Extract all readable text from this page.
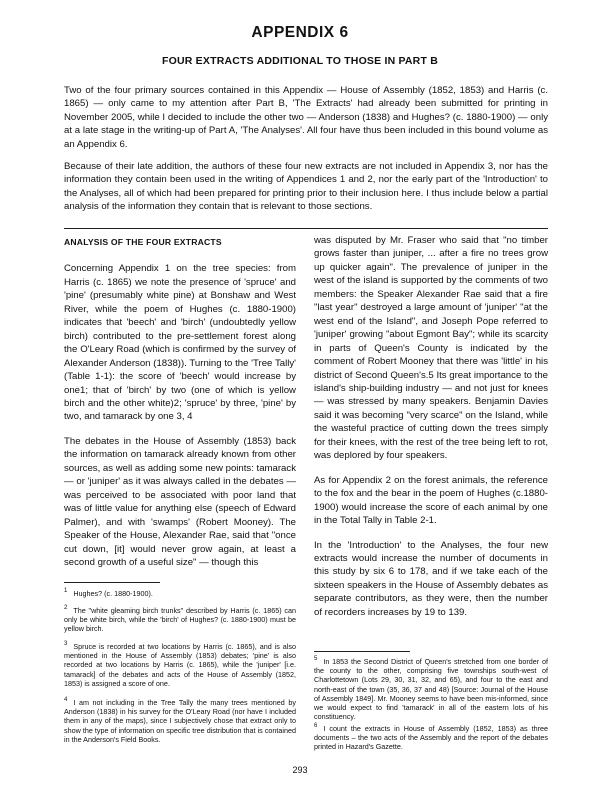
APPENDIX 6
FOUR EXTRACTS ADDITIONAL TO THOSE IN PART B
Two of the four primary sources contained in this Appendix — House of Assembly (1852, 1853) and Harris (c. 1865) — only came to my attention after Part B, 'The Extracts' had already been submitted for printing in November 2005, while I decided to include the other two — Anderson (1838) and Hughes? (c. 1880-1900) — only at a late stage in the writing-up of Part A, 'The Analyses'. All four have thus been included in this bound volume as an Appendix 6.
Because of their late addition, the authors of these four new extracts are not included in Appendix 3, nor has the information they contain been used in the writing of Appendices 1 and 2, nor the early part of the 'Introduction' to the Analyses, all of which had been prepared for printing prior to their inclusion here. I thus include below a partial analysis of the information they contain that is relevant to those sections.

ANALYSIS OF THE FOUR EXTRACTS

Concerning Appendix 1 on the tree species: from Harris (c. 1865) we note the presence of 'spruce' and 'pine' (presumably white pine) at Bonshaw and West River, while the poem of Hughes (c. 1880-1900) indicates that 'beech' and 'birch' (undoubtedly yellow birch) contributed to the pre-settlement forest along the O'Leary Road (which is confirmed by the survey of Alexander Anderson (1838)). Turning to the 'Tree Tally' (Table 1-1): the score of 'beech' would increase by one1; that of 'birch' by two (one of which is yellow birch and the other white)2; 'spruce' by three, 'pine' by two, and tamarack by one 3, 4

The debates in the House of Assembly (1853) back the information on tamarack already known from other sources, as well as adding some new points: tamarack — or 'juniper' as it was always called in the debates — was perceived to be associated with poor land that was of little value for anything else (speech of Edward Palmer), and with 'swamps' (Robert Mooney). The Speaker of the House, Alexander Rae, said that "once cut down, [it] would never grow again, at least a second growth of a useful size" — though this

was disputed by Mr. Fraser who said that "no timber grows faster than juniper, ... after a fire no trees grow up quicker again". The prevalence of juniper in the west of the island is supported by the comments of two members: the Speaker Alexander Rae said that a fire "last year" destroyed a large amount of 'juniper' "at the west end of the Island", and Joseph Pope referred to 'juniper' growing "about Egmont Bay"; while its scarcity in parts of Queen's County is indicated by the comment of Robert Mooney that there was 'little' in his district of Second Queen's.5 Its great importance to the island's ship-building industry — and not just for knees — was stressed by many speakers. Benjamin Davies said it was becoming "very scarce" on the Island, while the wasteful practice of cutting down the trees simply for their knees, with the rest of the tree being left to rot, was deplored by four speakers.

As for Appendix 2 on the forest animals, the reference to the fox and the bear in the poem of Hughes (c.1880-1900) would increase the score of each animal by one in the Total Tally in Table 2-1.

In the 'Introduction' to the Analyses, the four new extracts would increase the number of documents in this study by six 6 to 178, and if we take each of the sixteen speakers in the House of Assembly debates as separate contributors, as they were, then the number of recorders increases by 19 to 139.

$^1$ Hughes? (c. 1880-1900).
$^2$ The "white gleaming birch trunks" described by Harris (c. 1865) can only be white birch, while the 'birch' of Hughes? (c. 1880-1900) must be yellow birch.
$^3$ Spruce is recorded at two locations by Harris (c. 1865), and is also mentioned in the House of Assembly (1853) debates; 'pine' is also recorded at two locations by Harris (c. 1865), while the 'juniper' [i.e. tamarack] of the debates and acts of the House of Assembly (1852, 1853) is assigned a score of one.
$^4$ I am not including in the Tree Tally the many trees mentioned by Anderson (1838) in his survey for the O'Leary Road (nor have I included them in any of the maps), since I subjectively chose that extract only to show the type of information on specific tree distribution that is contained in the Anderson's Field Books.
$^5$ In 1853 the Second District of Queen's stretched from one border of the county to the other, comprising five townships south-west of Charlottetown (Lots 29, 30, 31, 32, and 65), and four to the east and north-east of the town (35, 36, 37 and 48) [Source: Journal of the House of Assembly 1849]. Mr. Mooney seems to have been mis-informed, since we would expect to find 'tamarack' in all of the eastern lots of his constituency.
$^6$ I count the extracts in House of Assembly (1852, 1853) as three documents – the two acts of the Assembly and the report of the debates printed in Hazard's Gazette.
293
